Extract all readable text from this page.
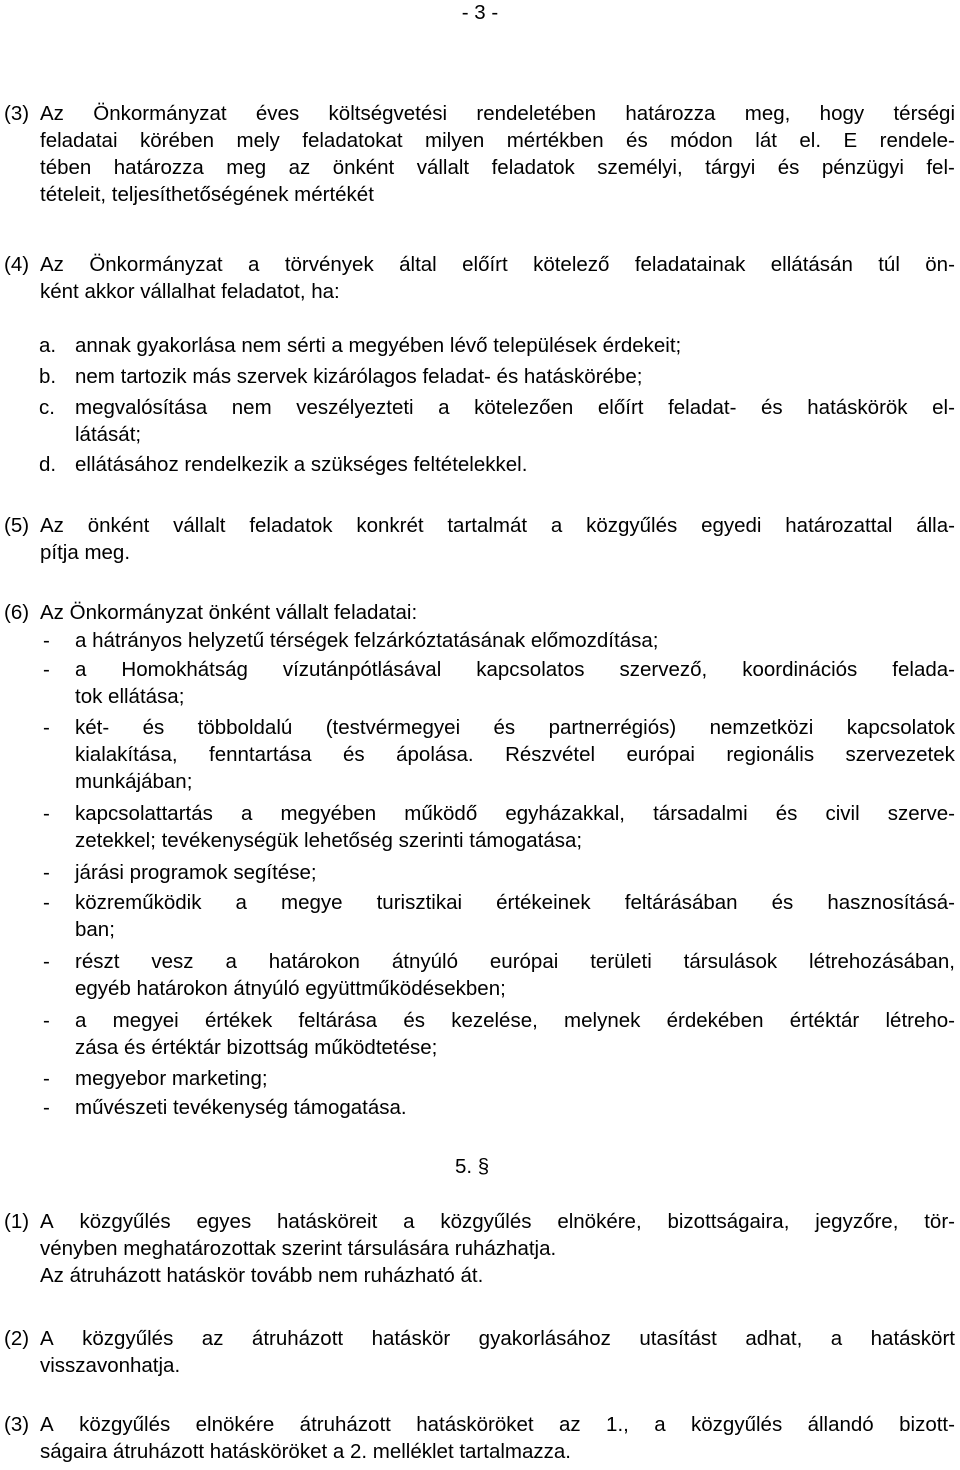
- 3 -
(3) Az Önkormányzat éves költségvetési rendeletében határozza meg, hogy térségi
feladatai körében mely feladatokat milyen mértékben és módon lát el. E rendele-
tében határozza meg az önként vállalt feladatok személyi, tárgyi és pénzügyi fel-
tételeit, teljesíthetőségének mértékét
(4) Az Önkormányzat a törvények által előírt kötelező feladatainak ellátásán túl ön-
ként akkor vállalhat feladatot, ha:
a. annak gyakorlása nem sérti a megyében lévő települések érdekeit;
b. nem tartozik más szervek kizárólagos feladat- és hatáskörébe;
c. megvalósítása nem veszélyezteti a kötelezően előírt feladat- és hatáskörök el-
látását;
d. ellátásához rendelkezik a szükséges feltételekkel.
(5) Az önként vállalt feladatok konkrét tartalmát a közgyűlés egyedi határozattal álla-
pítja meg.
(6) Az Önkormányzat önként vállalt feladatai:
- a hátrányos helyzetű térségek felzárkóztatásának előmozdítása;
- a Homokhátság vízutánpótlásával kapcsolatos szervező, koordinációs felada-
tok ellátása;
- két- és többoldalú (testvérmegyei és partnerrégiós) nemzetközi kapcsolatok
kialakítása, fenntartása és ápolása. Részvétel európai regionális szervezetek
munkájában;
- kapcsolattartás a megyében működő egyházakkal, társadalmi és civil szerve-
zetekkel; tevékenységük lehetőség szerinti támogatása;
- járási programok segítése;
- közreműködik a megye turisztikai értékeinek feltárásában és hasznosításá-
ban;
- részt vesz a határokon átnyúló európai területi társulások létrehozásában,
egyéb határokon átnyúló együttműködésekben;
- a megyei értékek feltárása és kezelése, melynek érdekében értéktár létreho-
zása és értéktár bizottság működtetése;
- megyebor marketing;
- művészeti tevékenység támogatása.
5. §
(1) A közgyűlés egyes hatásköreit a közgyűlés elnökére, bizottságaira, jegyzőre, tör-
vényben meghatározottak szerint társulására ruházhatja.
Az átruházott hatáskör tovább nem ruházható át.
(2) A közgyűlés az átruházott hatáskör gyakorlásához utasítást adhat, a hatáskört
visszavonhatja.
(3) A közgyűlés elnökére átruházott hatásköröket az 1., a közgyűlés állandó bizott-
ságaira átruházott hatásköröket a 2. melléklet tartalmazza.
